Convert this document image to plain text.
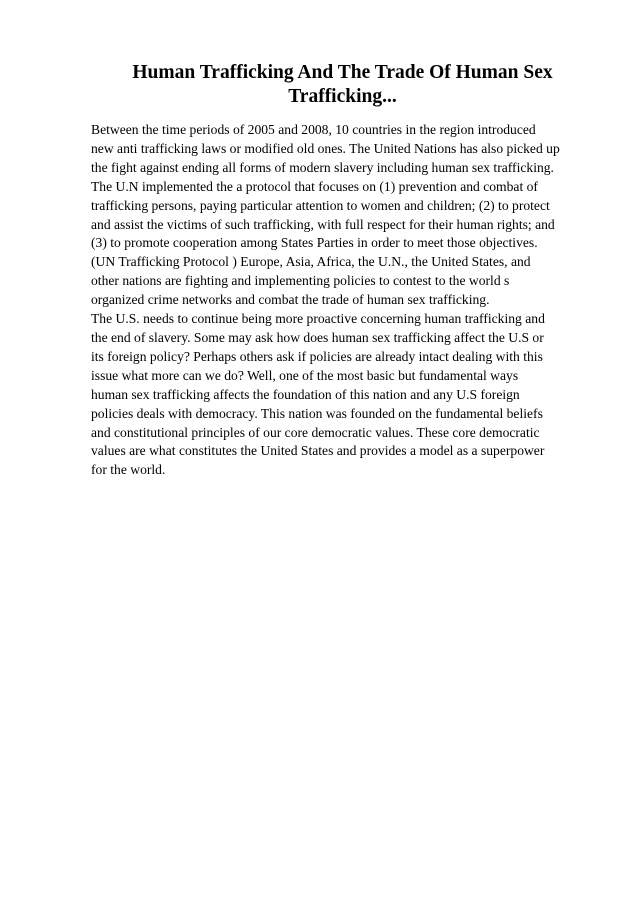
Human Trafficking And The Trade Of Human Sex
Trafficking...
Between the time periods of 2005 and 2008, 10 countries in the region introduced
new anti trafficking laws or modified old ones. The United Nations has also picked up
the fight against ending all forms of modern slavery including human sex trafficking.
The U.N implemented the a protocol that focuses on (1) prevention and combat of
trafficking persons, paying particular attention to women and children; (2) to protect
and assist the victims of such trafficking, with full respect for their human rights; and
(3) to promote cooperation among States Parties in order to meet those objectives.
(UN Trafficking Protocol ) Europe, Asia, Africa, the U.N., the United States, and
other nations are fighting and implementing policies to contest to the world s
organized crime networks and combat the trade of human sex trafficking.
The U.S. needs to continue being more proactive concerning human trafficking and
the end of slavery. Some may ask how does human sex trafficking affect the U.S or
its foreign policy? Perhaps others ask if policies are already intact dealing with this
issue what more can we do? Well, one of the most basic but fundamental ways
human sex trafficking affects the foundation of this nation and any U.S foreign
policies deals with democracy. This nation was founded on the fundamental beliefs
and constitutional principles of our core democratic values. These core democratic
values are what constitutes the United States and provides a model as a superpower
for the world.
